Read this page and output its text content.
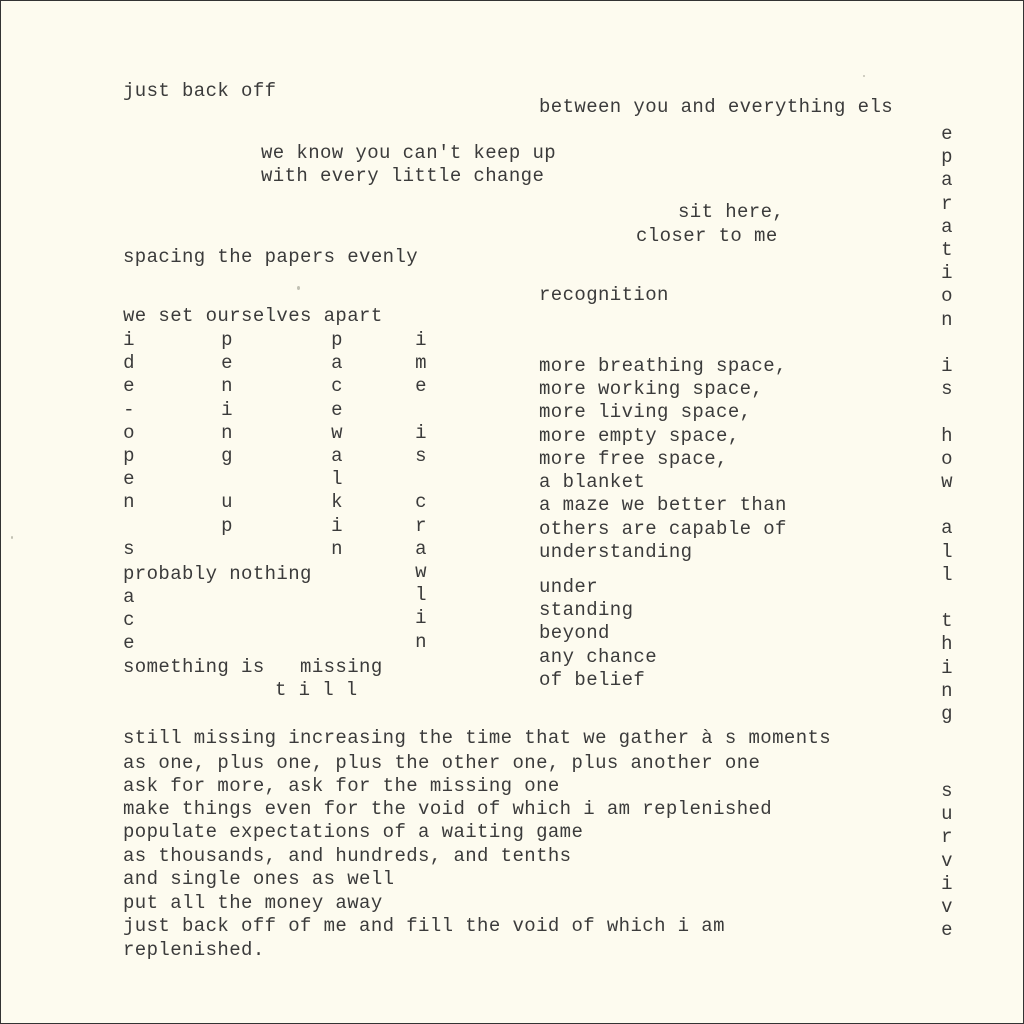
just back off

between you and everything els

we know you can't keep up

with every little change

sit here,

closer to me

spacing the papers evenly

recognition

we set ourselves apart

i
d
e
-
o
p
e
n

s

p
e
n
i
n
g

u
p

p
a
c
e
w
a
l
k
i
n

i
m
e

i
s

c
r
a
w
l
i
n

probably nothing

a
c
e

something is   missing

t i l l

more breathing space,

more working space,

more living space,

more empty space,

more free space,

a blanket

a maze we better than

others are capable of

understanding

under

standing

beyond

any chance

of belief

e
p
a
r
a
t
i
o
n

i
s

h
o
w

a
l
l

t
h
i
n
g

s
u
r
v
i
v
e

still missing increasing the time that we gather à s moments

as one, plus one, plus the other one, plus another one

ask for more, ask for the missing one

make things even for the void of which i am replenished

populate expectations of a waiting game

as thousands, and hundreds, and tenths

and single ones as well

put all the money away

just back off of me and fill the void of which i am

replenished.
